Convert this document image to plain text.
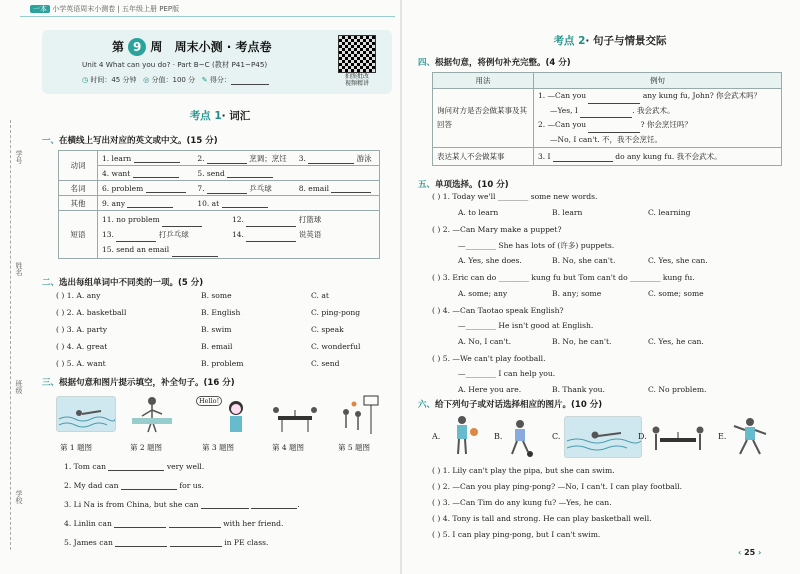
一本 小学英语周末小测卷 | 五年级上册 PEP版
学号
姓名
班级
学校
第 9 周 周末小测 · 考点卷
Unit 4 What can you do? · Part B~C (教材 P41~P45)
◷ 时间：45 分钟 ◎ 分值：100 分 ✎ 得分：	拍照批改
视频精讲
考点 1· 词汇
一、在横线上写出对应的英文或中文。(15 分)
动词	1. learn	2. 烹调；烹饪	3. 游泳
	4. want	5. send	
名词	6. problem	7. 乒乓球	8. email
其他	9. any	10. at	
短语	11. no problem 12. 打篮球
13. 打乒乓球 14. 说英语
15. send an email		
二、选出每组单词中不同类的一项。(5 分)
( ) 1. A. any	B. some	C. at
( ) 2. A. basketball	B. English	C. ping-pong
( ) 3. A. party	B. swim	C. speak
( ) 4. A. great	B. email	C. wonderful
( ) 5. A. want	B. problem	C. send
三、根据句意和图片提示填空，补全句子。(16 分)
Hello!
第 1 题图	第 2 题图	第 3 题图	第 4 题图	第 5 题图
1. Tom can	very well.
2. My dad can	for us.
3. Li Na is from China, but she can	.
4. Linlin can	with her friend.
5. James can	in PE class.
考点 2· 句子与情景交际
四、根据句意，将例句补充完整。(4 分)
用法	例句
询问对方是否会做某事及其回答	1. —Can you any kung fu, John? 你会武术吗？
—Yes, I . 我会武术。
2. —Can you ? 你会烹饪吗？
—No, I can't. 不，我不会烹饪。

表达某人不会做某事	3. I do any kung fu. 我不会武术。
五、单项选择。(10 分)
( ) 1. Today we'll ________ some new words.
A. to learn	B. learn	C. learning
( ) 2. —Can Mary make a puppet?
—________ She has lots of (许多) puppets.
A. Yes, she does.	B. No, she can't.	C. Yes, she can.
( ) 3. Eric can do ________ kung fu but Tom can't do ________ kung fu.
A. some; any	B. any; some	C. some; some
( ) 4. —Can Taotao speak English?
—________ He isn't good at English.
A. No, I can't.	B. No, he can't.	C. Yes, he can.
( ) 5. —We can't play football.
—________ I can help you.
A. Here you are.	B. Thank you.	C. No problem.
六、给下列句子或对话选择相应的图片。(10 分)
A.	B.	C.	D.	E.
( ) 1. Lily can't play the pipa, but she can swim.
( ) 2. —Can you play ping-pong? —No, I can't. I can play football.
( ) 3. —Can Tim do any kung fu? —Yes, he can.
( ) 4. Tony is tall and strong. He can play basketball well.
( ) 5. I can play ping-pong, but I can't swim.
‹ 25 ›
